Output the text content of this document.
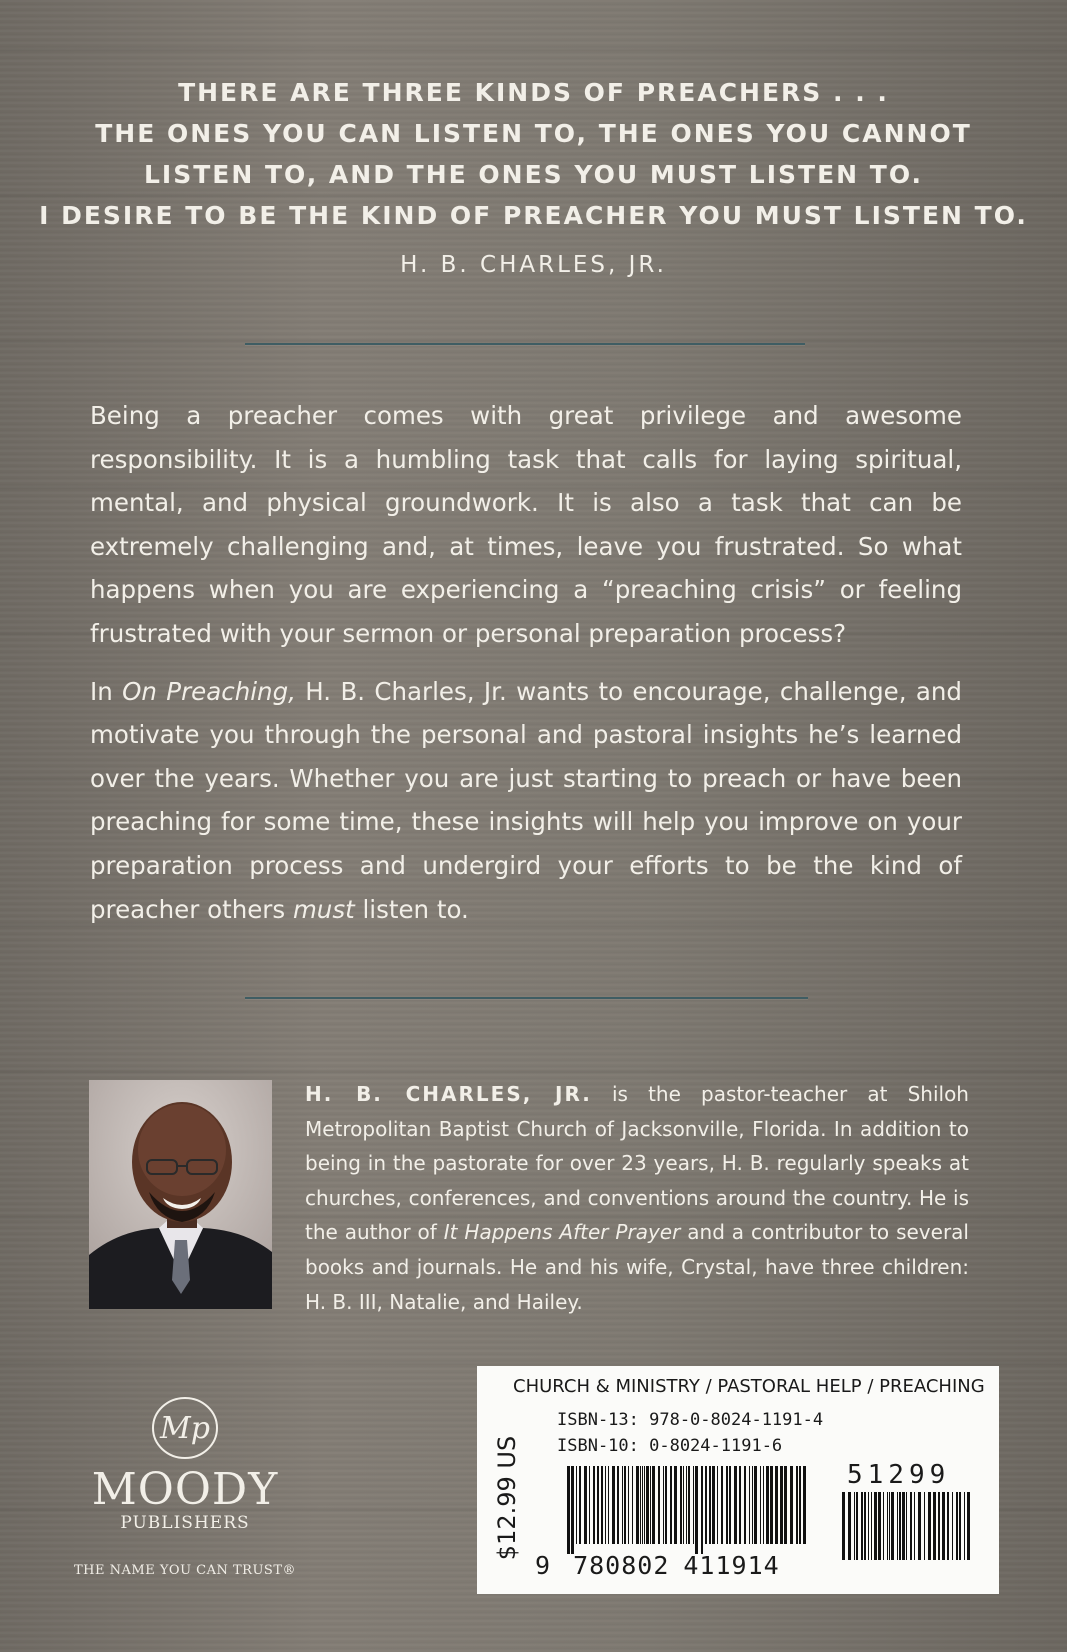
THERE ARE THREE KINDS OF PREACHERS . . .
THE ONES YOU CAN LISTEN TO, THE ONES YOU CANNOT
LISTEN TO, AND THE ONES YOU MUST LISTEN TO.
I DESIRE TO BE THE KIND OF PREACHER YOU MUST LISTEN TO.
H. B. CHARLES, JR.

Being a preacher comes with great privilege and awesome responsibility. It is a humbling task that calls for laying spiritual, mental, and physical groundwork. It is also a task that can be extremely challenging and, at times, leave you frustrated. So what happens when you are experiencing a “preaching crisis” or feeling frustrated with your sermon or personal preparation process?

In On Preaching, H. B. Charles, Jr. wants to encourage, challenge, and motivate you through the personal and pastoral insights he’s learned over the years. Whether you are just starting to preach or have been preaching for some time, these insights will help you improve on your preparation process and undergird your efforts to be the kind of preacher others must listen to.

H. B. CHARLES, JR. is the pastor-teacher at Shiloh Metropolitan Baptist Church of Jacksonville, Florida. In addition to being in the pastorate for over 23 years, H. B. regularly speaks at churches, conferences, and conventions around the country. He is the author of It Happens After Prayer and a contributor to several books and journals. He and his wife, Crystal, have three children: H. B. III, Natalie, and Hailey.
Mp
MOODY
PUBLISHERS
THE NAME YOU CAN TRUST®
CHURCH & MINISTRY / PASTORAL HELP / PREACHING
$12.99 US
ISBN-13: 978-0-8024-1191-4
ISBN-10: 0-8024-1191-6
51299
9 780802 411914
